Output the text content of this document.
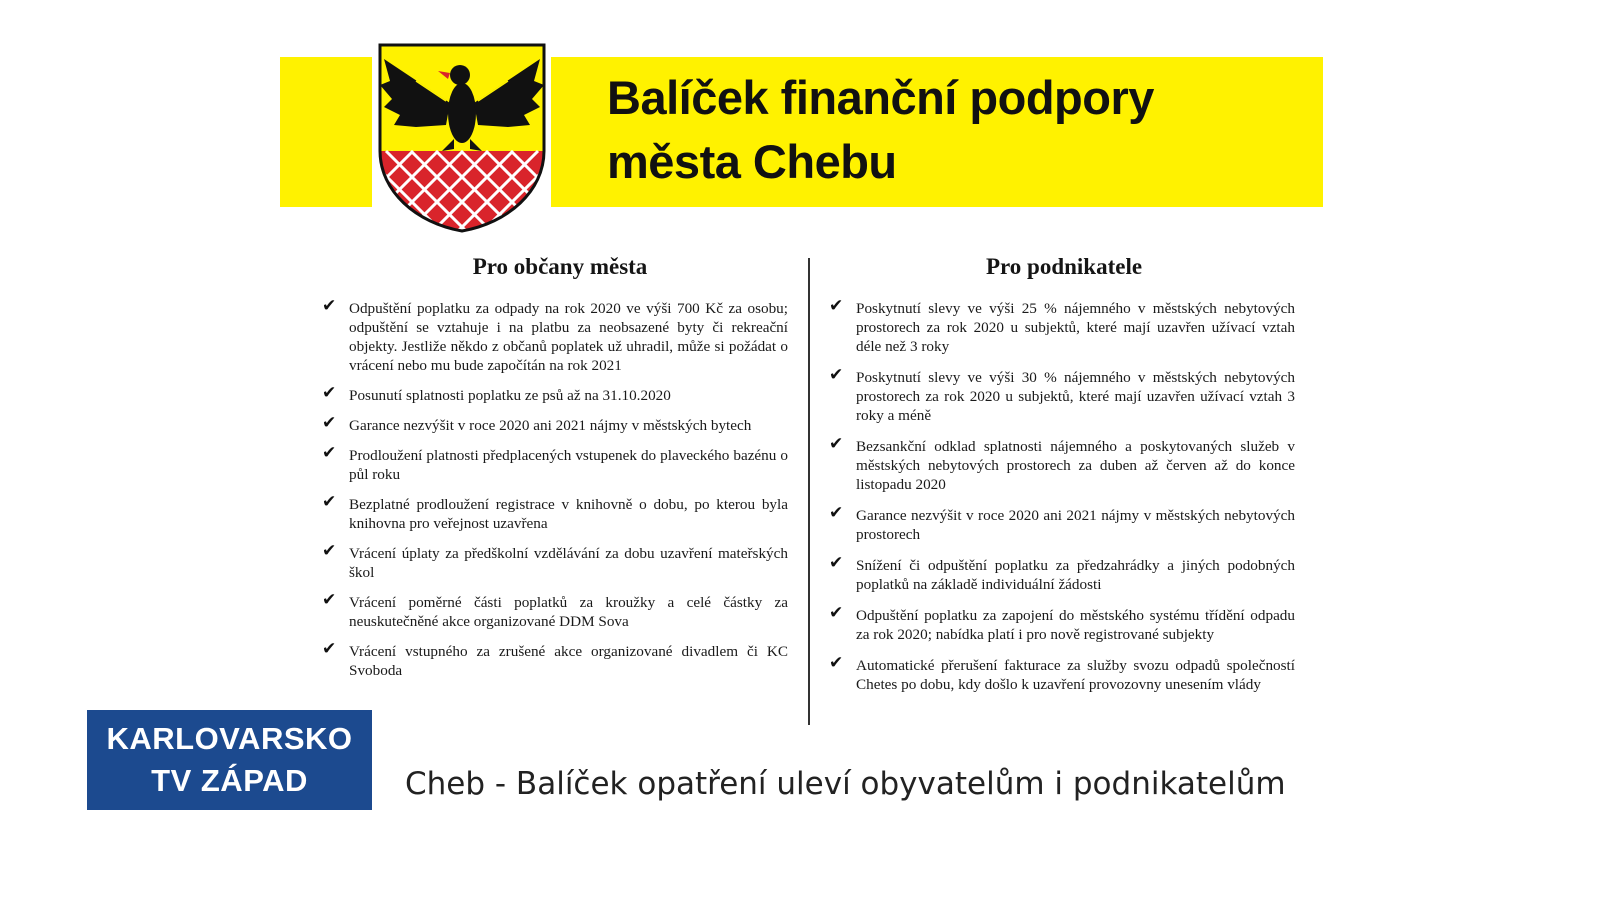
Balíček finanční podpory
města Chebu
Pro občany města	Pro podnikatele
✔ Odpuštění poplatku za odpady na rok 2020 ve výši 700 Kč za osobu; odpuštění se vztahuje i na platbu za neobsazené byty či rekreační objekty. Jestliže někdo z občanů poplatek už uhradil, může si požádat o vrácení nebo mu bude započítán na rok 2021
✔ Posunutí splatnosti poplatku ze psů až na 31.10.2020
✔ Garance nezvýšit v roce 2020 ani 2021 nájmy v městských bytech
✔ Prodloužení platnosti předplacených vstupenek do plaveckého bazénu o půl roku
✔ Bezplatné prodloužení registrace v knihovně o dobu, po kterou byla knihovna pro veřejnost uzavřena
✔ Vrácení úplaty za předškolní vzdělávání za dobu uzavření mateřských škol
✔ Vrácení poměrné části poplatků za kroužky a celé částky za neuskutečněné akce organizované DDM Sova
✔ Vrácení vstupného za zrušené akce organizované divadlem či KC Svoboda
✔ Poskytnutí slevy ve výši 25 % nájemného v městských nebytových prostorech za rok 2020 u subjektů, které mají uzavřen užívací vztah déle než 3 roky
✔ Poskytnutí slevy ve výši 30 % nájemného v městských nebytových prostorech za rok 2020 u subjektů, které mají uzavřen užívací vztah 3 roky a méně
✔ Bezsankční odklad splatnosti nájemného a poskytovaných služeb v městských nebytových prostorech za duben až červen až do konce listopadu 2020
✔ Garance nezvýšit v roce 2020 ani 2021 nájmy v městských nebytových prostorech
✔ Snížení či odpuštění poplatku za předzahrádky a jiných podobných poplatků na základě individuální žádosti
✔ Odpuštění poplatku za zapojení do městského systému třídění odpadu za rok 2020; nabídka platí i pro nově registrované subjekty
✔ Automatické přerušení fakturace za služby svozu odpadů společností Chetes po dobu, kdy došlo k uzavření provozovny unesením vlády
KARLOVARSKO
TV ZÁPAD	Cheb - Balíček opatření uleví obyvatelům i podnikatelům
